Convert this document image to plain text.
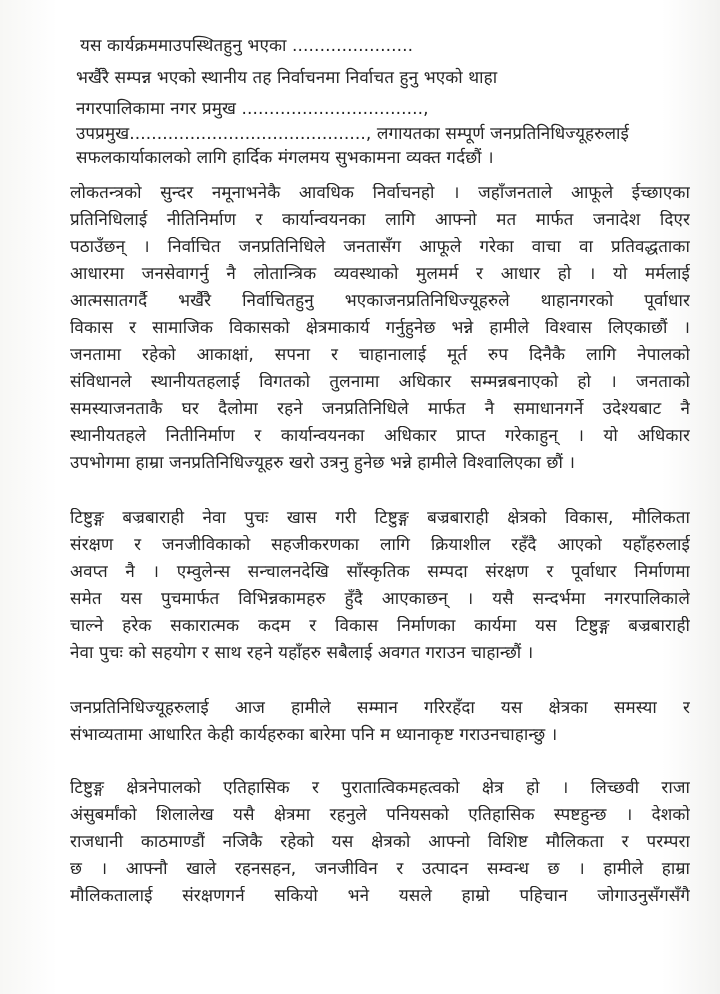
यस कार्यक्रममाउपस्थितहुनु भएका ......................
भर्खैरै सम्पन्न भएको स्थानीय तह निर्वाचनमा निर्वाचत हुनु भएको थाहा
नगरपालिकामा नगर प्रमुख .................................,
उपप्रमुख..........................................., लगायतका सम्पूर्ण जनप्रतिनिधिज्यूहरुलाई
सफलकार्याकालको लागि हार्दिक मंगलमय सुभकामना व्यक्त गर्दछौं ।
लोकतन्त्रको सुन्दर नमूनाभनेकै आवधिक निर्वाचनहो । जहाँजनताले आफूले ईच्छाएका
प्रतिनिधिलाई नीतिनिर्माण र कार्यान्वयनका लागि आफ्नो मत मार्फत जनादेश दिएर
पठाउँछन् । निर्वाचित जनप्रतिनिधिले जनतासँग आफूले गरेका वाचा वा प्रतिवद्धताका
आधारमा जनसेवागर्नु नै लोतान्त्रिक व्यवस्थाको मुलमर्म र आधार हो । यो मर्मलाई
आत्मसातगर्दै भर्खैरै निर्वाचितहुनु भएकाजनप्रतिनिधिज्यूहरुले थाहानगरको पूर्वाधार
विकास र सामाजिक विकासको क्षेत्रमाकार्य गर्नुहुनेछ भन्ने हामीले विश्वास लिएकाछौं ।
जनतामा रहेको आकाक्षां, सपना र चाहानालाई मूर्त रुप दिनैकै लागि नेपालको
संविधानले स्थानीयतहलाई विगतको तुलनामा अधिकार सम्मन्नबनाएको हो । जनताको
समस्याजनताकै घर दैलोमा रहने जनप्रतिनिधिले मार्फत नै समाधानगर्ने उदेश्यबाट नै
स्थानीयतहले नितीनिर्माण र कार्यान्वयनका अधिकार प्राप्त गरेकाहुन् । यो अधिकार
उपभोगमा हाम्रा जनप्रतिनिधिज्यूहरु खरो उत्रनु हुनेछ भन्ने हामीले विश्वालिएका छौं ।
टिष्टुङ्ग बज्रबाराही नेवा पुचः खास गरी टिष्टुङ्ग बज्रबाराही क्षेत्रको विकास, मौलिकता
संरक्षण र जनजीविकाको सहजीकरणका लागि क्रियाशील रहँदै आएको यहाँहरुलाई
अवप्त नै । एम्वुलेन्स सन्चालनदेखि साँस्कृतिक सम्पदा संरक्षण र पूर्वाधार निर्माणमा
समेत यस पुचमार्फत विभिन्नकामहरु हुँदै आएकाछन् । यसै सन्दर्भमा नगरपालिकाले
चाल्ने हरेक सकारात्मक कदम र विकास निर्माणका कार्यमा यस टिष्टुङ्ग बज्रबाराही
नेवा पुचः को सहयोग र साथ रहने यहाँहरु सबैलाई अवगत गराउन चाहान्छौं ।
जनप्रतिनिधिज्यूहरुलाई आज हामीले सम्मान गरिरहँदा यस क्षेत्रका समस्या र
संभाव्यतामा आधारित केही कार्यहरुका बारेमा पनि म ध्यानाकृष्ट गराउनचाहान्छु ।
टिष्टुङ्ग क्षेत्रनेपालको एतिहासिक र पुरातात्विकमहत्वको क्षेत्र हो । लिच्छवी राजा
अंसुबर्मांको शिलालेख यसै क्षेत्रमा रहनुले पनियसको एतिहासिक स्पष्टहुन्छ । देशको
राजधानी काठमाण्डौं नजिकै रहेको यस क्षेत्रको आफ्नो विशिष्ट मौलिकता र परम्परा
छ । आफ्नौ खाले रहनसहन, जनजीविन र उत्पादन सम्वन्ध छ । हामीले हाम्रा
मौलिकतालाई संरक्षणगर्न सकियो भने यसले हाम्रो पहिचान जोगाउनुसँगसँगै
